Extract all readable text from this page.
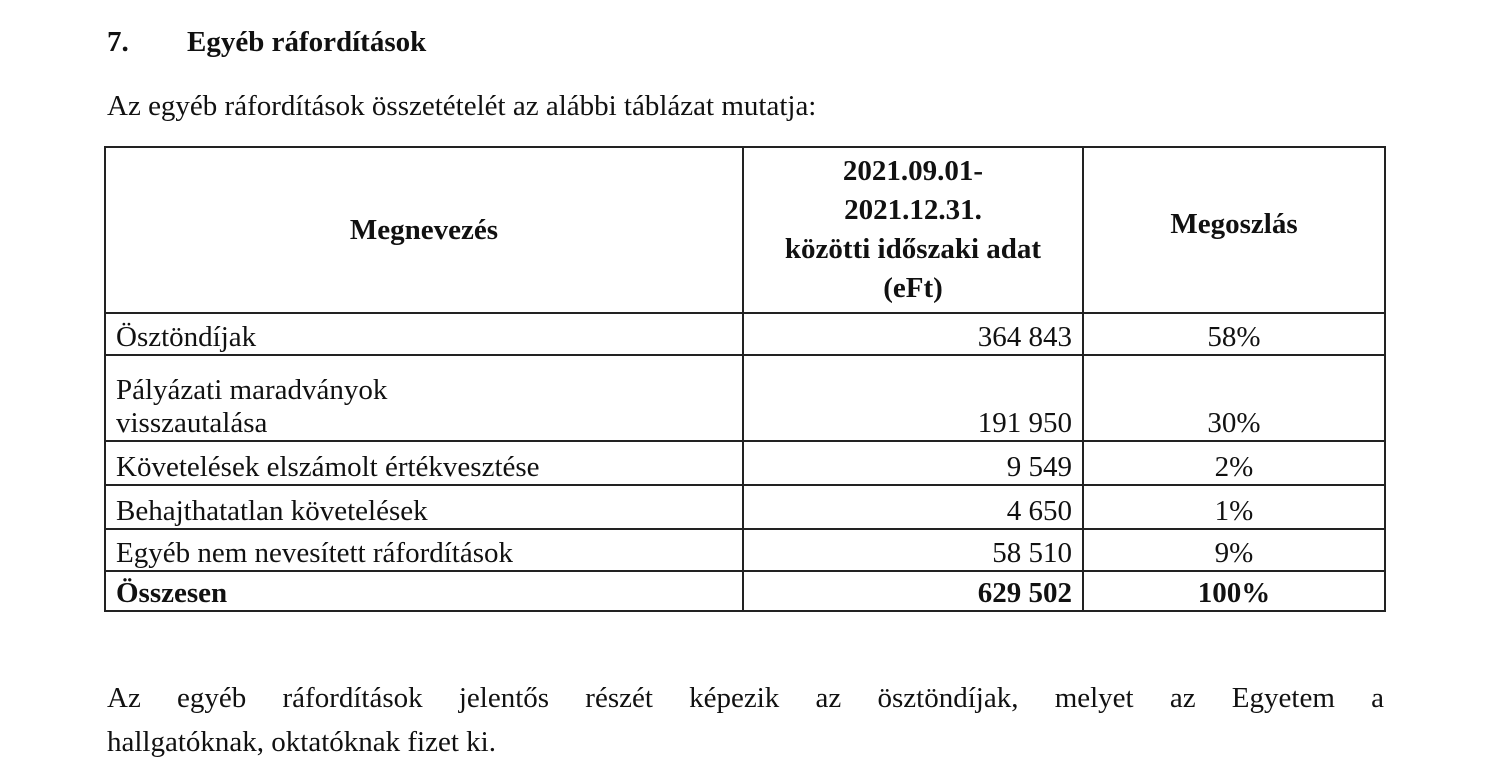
7. Egyéb ráfordítások

Az egyéb ráfordítások összetételét az alábbi táblázat mutatja:

Megnevezés	2021.09.01-
2021.12.31.
közötti időszaki adat
(eFt)	Megoszlás
Ösztöndíjak	364 843	58%

Pályázati maradványok
visszautalása	191 950	30%
Követelések elszámolt értékvesztése	9 549	2%
Behajthatatlan követelések	4 650	1%
Egyéb nem nevesített ráfordítások	58 510	9%
Összesen	629 502	100%

Az egyéb ráfordítások jelentős részét képezik az ösztöndíjak, melyet az Egyetem a
hallgatóknak, oktatóknak fizet ki.
